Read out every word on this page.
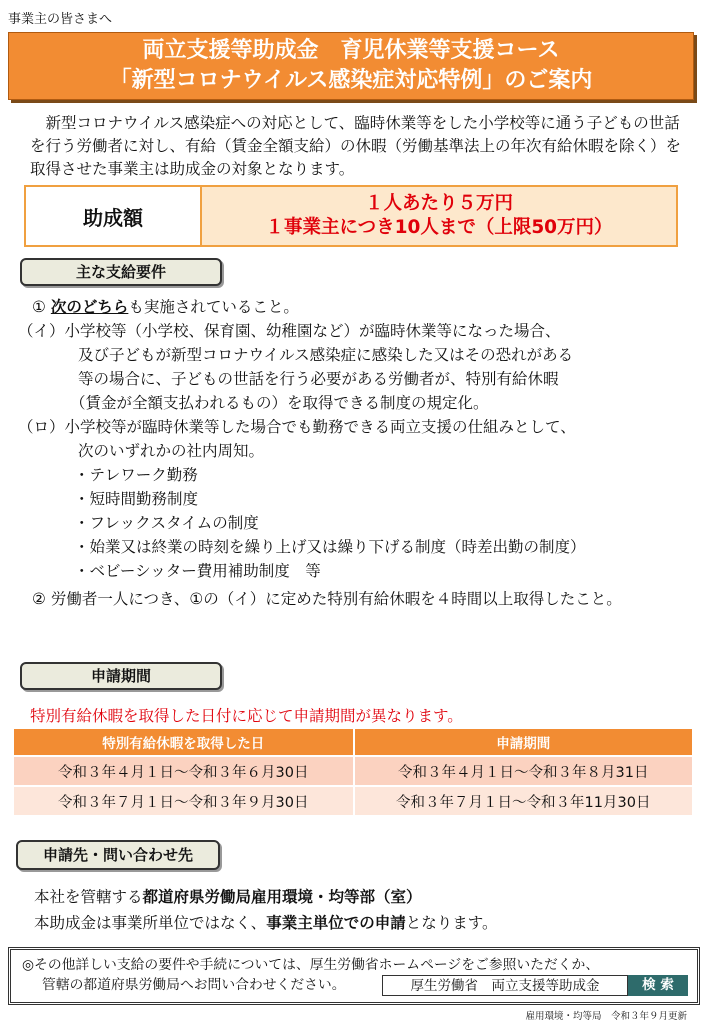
事業主の皆さまへ
両立支援等助成金　育児休業等支援コース
「新型コロナウイルス感染症対応特例」のご案内

新型コロナウイルス感染症への対応として、臨時休業等をした小学校等に通う子どもの世話を行う労働者に対し、有給（賃金全額支給）の休暇（労働基準法上の年次有給休暇を除く）を取得させた事業主は助成金の対象となります。

助成額
１人あたり５万円
１事業主につき10人まで（上限50万円）
主な支給要件

① 次のどちらも実施されていること。

（イ）小学校等（小学校、保育園、幼稚園など）が臨時休業等になった場合、

及び子どもが新型コロナウイルス感染症に感染した又はその恐れがある

等の場合に、子どもの世話を行う必要がある労働者が、特別有給休暇

（賃金が全額支払われるもの）を取得できる制度の規定化。

（ロ）小学校等が臨時休業等した場合でも勤務できる両立支援の仕組みとして、

次のいずれかの社内周知。

・テレワーク勤務

・短時間勤務制度

・フレックスタイムの制度

・始業又は終業の時刻を繰り上げ又は繰り下げる制度（時差出勤の制度）

・ベビーシッター費用補助制度　等

② 労働者一人につき、①の（イ）に定めた特別有給休暇を４時間以上取得したこと。

申請期間
特別有給休暇を取得した日付に応じて申請期間が異なります。
特別有給休暇を取得した日	申請期間
令和３年４月１日～令和３年６月30日	令和３年４月１日～令和３年８月31日
令和３年７月１日～令和３年９月30日	令和３年７月１日～令和３年11月30日
申請先・問い合わせ先

本社を管轄する都道府県労働局雇用環境・均等部（室）

本助成金は事業所単位ではなく、事業主単位での申請となります。

◎その他詳しい支給の要件や手続については、厚生労働省ホームページをご参照いただくか、
管轄の都道府県労働局へお問い合わせください。	厚生労働省　両立支援等助成金	検 索
雇用環境・均等局　令和３年９月更新
